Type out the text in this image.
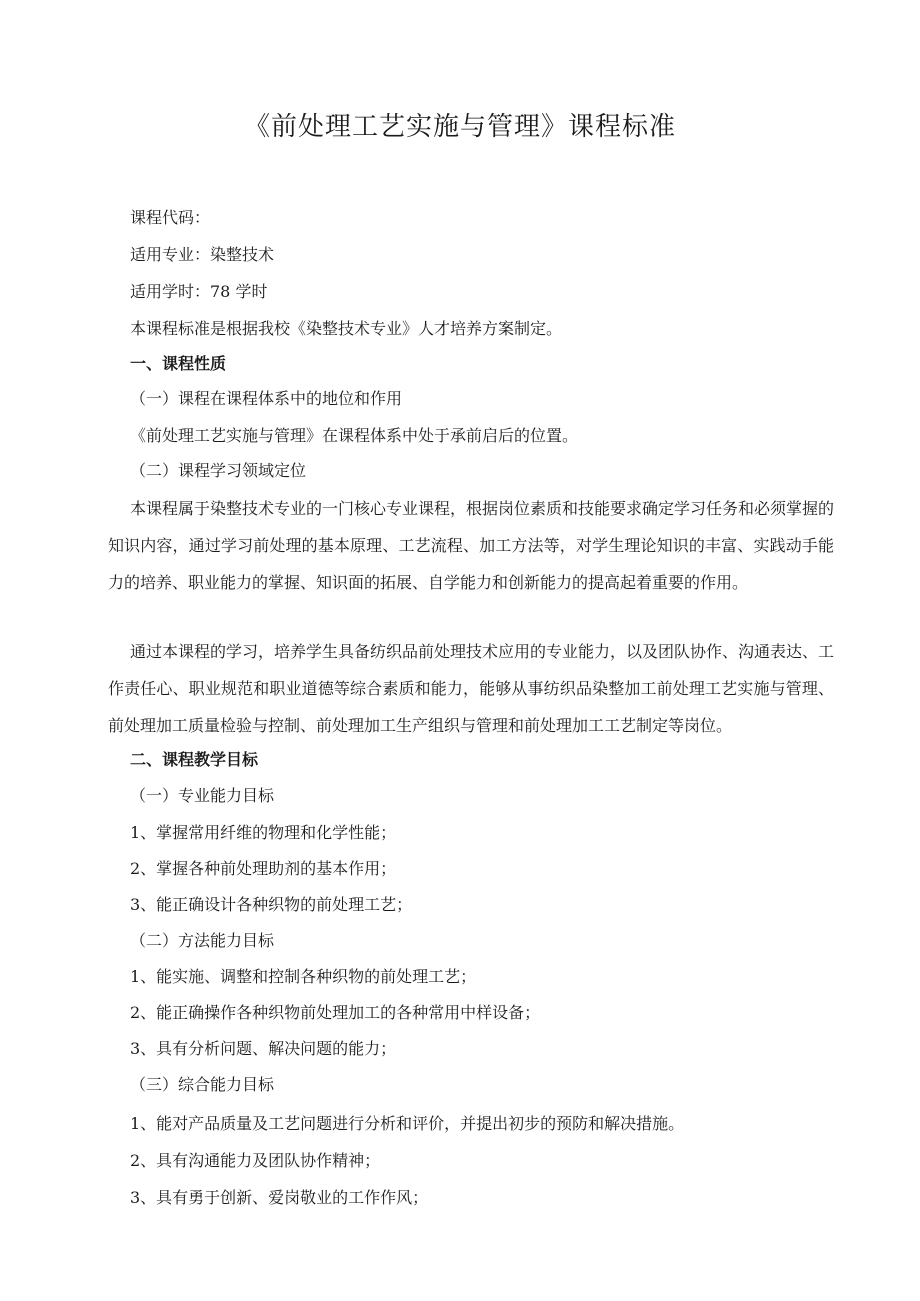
《前处理工艺实施与管理》课程标准

课程代码：

适用专业：染整技术

适用学时：78 学时

本课程标准是根据我校《染整技术专业》人才培养方案制定。

一、课程性质

（一）课程在课程体系中的地位和作用

《前处理工艺实施与管理》在课程体系中处于承前启后的位置。

（二）课程学习领域定位

本课程属于染整技术专业的一门核心专业课程，根据岗位素质和技能要求确定学习任务和必须掌握的知识内容，通过学习前处理的基本原理、工艺流程、加工方法等，对学生理论知识的丰富、实践动手能力的培养、职业能力的掌握、知识面的拓展、自学能力和创新能力的提高起着重要的作用。

通过本课程的学习，培养学生具备纺织品前处理技术应用的专业能力，以及团队协作、沟通表达、工作责任心、职业规范和职业道德等综合素质和能力，能够从事纺织品染整加工前处理工艺实施与管理、前处理加工质量检验与控制、前处理加工生产组织与管理和前处理加工工艺制定等岗位。

二、课程教学目标

（一）专业能力目标

1、掌握常用纤维的物理和化学性能；

2、掌握各种前处理助剂的基本作用；

3、能正确设计各种织物的前处理工艺；

（二）方法能力目标

1、能实施、调整和控制各种织物的前处理工艺；

2、能正确操作各种织物前处理加工的各种常用中样设备；

3、具有分析问题、解决问题的能力；

（三）综合能力目标

1、能对产品质量及工艺问题进行分析和评价，并提出初步的预防和解决措施。

2、具有沟通能力及团队协作精神；

3、具有勇于创新、爱岗敬业的工作作风；
